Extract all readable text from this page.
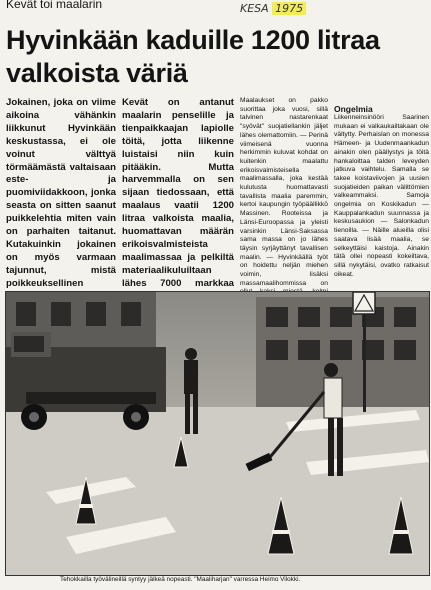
Kevät toi maalarin	KESA 1975
Hyvinkään kaduille 1200 litraa valkoista väriä

Jokainen, joka on viime aikoina vähänkin liikkunut Hyvinkään keskustassa, ei ole voinut välttyä törmäämästä valtaisaan este- ja puomiviidakkoon, jonka seasta on sitten saanut puikkelehtia miten vain on parhaiten taitanut. Kutakuinkin jokainen on myös varmaan tajunnut, mistä poikkeuksellinen

Kevät on antanut maalarin penselille ja tienpaikkaajan lapiolle töitä, jotta liikenne luistaisi niin kuin pitääkin. Mutta harvemmalla on sen sijaan tiedossaan, että maalaus vaatii 1200 litraa valkoista maalia, huomattavan määrän erikoisvalmisteista maalimassaa ja pelkiltä materiaalikuluiltaan lähes 7000 markkaa

Maalaukset on pakko suorittaa joka vuosi, sillä talvinen nastarenkaat "syövät" suojatiellankin jäljet lähes olemattomiin. — Perinä viimeisenä vuonna herkimmin kuluvat kohdat on kuitenkin maalattu erikoisvalmisteisella maalimassalla, joka kestää kulutusta huomattavasti tavallista maalia paremmin, kertoi kaupungin työpäällikkö Massinen. Rooteissa ja Länsi-Euroopassa ja yleisti varsinkin Länsi-Saksassa sama massa on jo lähes täysin syrjäyttänyt tavallisen maalin. — Hyvinkäällä työt on hoidettu neljän miehen voimin, lisäksi massamaalihommissa on

Ongelmia

Liikenneinsinööri Saarinen mukaan ei valkaukailtakaan ole vältytty. Perhaislan on monessa Hämeen- ja Uudenmaankadun ainakin olen päällystys ja töitä hankaloittaa talden leveyden jatkuva vaihtelu. Samalla se takee koistaviivojen ja uusien suojatieiden paikan välittömien valkeammaksi. Samoja ongelmia on Koskikadun — Kauppalankadun suunnassa ja keskusaukion — Salonkadun tienoilla. — Näille alueilla olisi saatava lisää maalia, se selkeyttäisi kaistoja. Ainakin tätä ollei nopeasti kokeiltava, sillä nykytäisi, ovatko ratkaisut oikeat.

Tehokkailla työvälineillä syntyy jälkeä nopeasti. "Maaliharjan" varressa Heimo Vilokki.
